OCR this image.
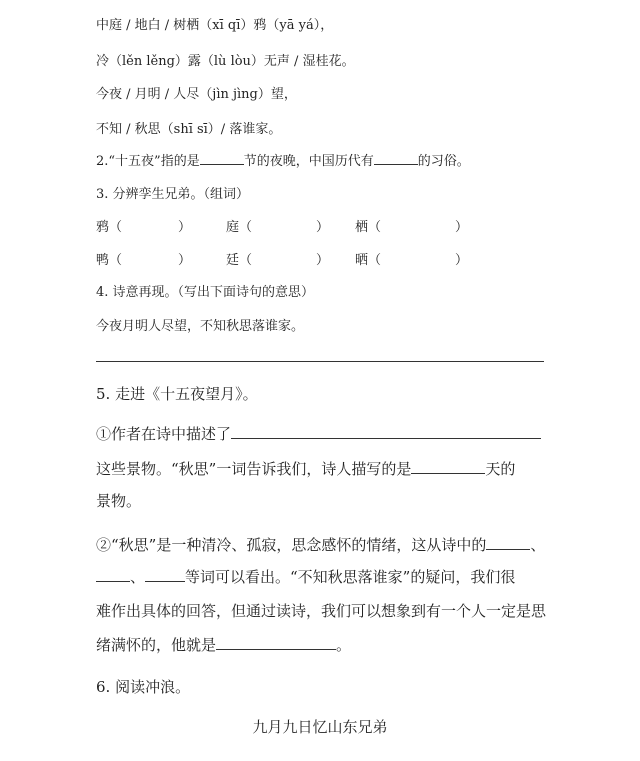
中庭 / 地白 / 树栖（xī qī）鸦（yā yá），
冷（lěn lěng）露（lù lòu）无声 / 湿桂花。
今夜 / 月明 / 人尽（jìn jìng）望，
不知 / 秋思（shī sī）/ 落谁家。
2.“十五夜”指的是	节的夜晚，中国历代有	的习俗。
3. 分辨孪生兄弟。（组词）
鸦（	）	庭（	） 栖（	）
鸭（	）	廷（	） 晒（	）
4. 诗意再现。（写出下面诗句的意思）
今夜月明人尽望，不知秋思落谁家。
5. 走进《十五夜望月》。
①作者在诗中描述了
这些景物。“秋思”一词告诉我们，诗人描写的是	天的
景物。
②“秋思”是一种清冷、孤寂，思念感怀的情绪，这从诗中的	、
、	等词可以看出。“不知秋思落谁家”的疑问，我们很
难作出具体的回答，但通过读诗，我们可以想象到有一个人一定是思
绪满怀的，他就是	。
6. 阅读冲浪。
九月九日忆山东兄弟
